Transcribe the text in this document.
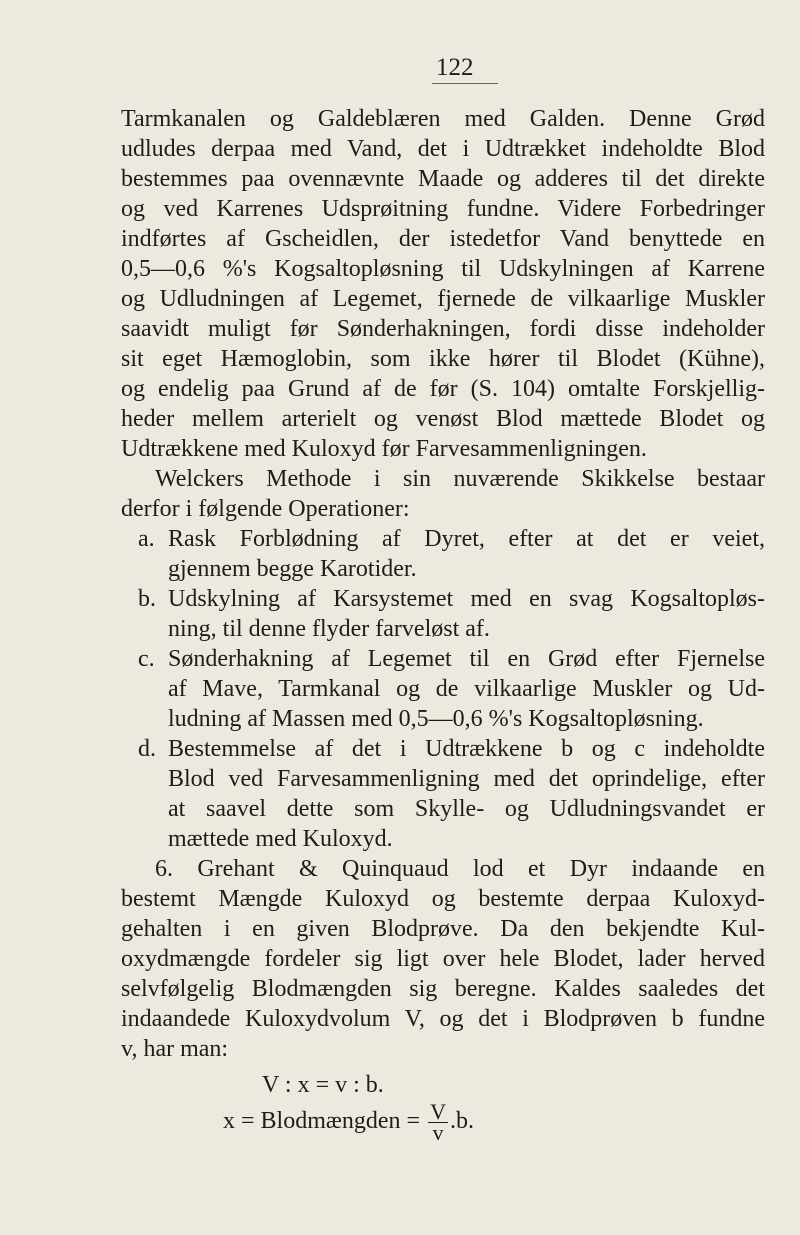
122
Tarmkanalen og Galdeblæren med Galden. Denne Grød
udludes derpaa med Vand, det i Udtrækket indeholdte Blod
bestemmes paa ovennævnte Maade og adderes til det direkte
og ved Karrenes Udsprøitning fundne. Videre Forbedringer
indførtes af Gscheidlen, der istedetfor Vand benyttede en
0,5—0,6 %'s Kogsaltopløsning til Udskylningen af Karrene
og Udludningen af Legemet, fjernede de vilkaarlige Muskler
saavidt muligt før Sønderhakningen, fordi disse indeholder
sit eget Hæmoglobin, som ikke hører til Blodet (Kühne),
og endelig paa Grund af de før (S. 104) omtalte Forskjellig-
heder mellem arterielt og venøst Blod mættede Blodet og
Udtrækkene med Kuloxyd før Farvesammenligningen.
Welckers Methode i sin nuværende Skikkelse bestaar
derfor i følgende Operationer:
a. Rask Forblødning af Dyret, efter at det er veiet,
gjennem begge Karotider.
b. Udskylning af Karsystemet med en svag Kogsaltopløs-
ning, til denne flyder farveløst af.
c. Sønderhakning af Legemet til en Grød efter Fjernelse
af Mave, Tarmkanal og de vilkaarlige Muskler og Ud-
ludning af Massen med 0,5—0,6 %'s Kogsaltopløsning.
d. Bestemmelse af det i Udtrækkene b og c indeholdte
Blod ved Farvesammenligning med det oprindelige, efter
at saavel dette som Skylle- og Udludningsvandet er
mættede med Kuloxyd.
6. Grehant & Quinquaud lod et Dyr indaande en
bestemt Mængde Kuloxyd og bestemte derpaa Kuloxyd-
gehalten i en given Blodprøve. Da den bekjendte Kul-
oxydmængde fordeler sig ligt over hele Blodet, lader herved
selvfølgelig Blodmængden sig beregne. Kaldes saaledes det
indaandede Kuloxydvolum V, og det i Blodprøven b fundne
v, har man:
V : x = v : b.
x = Blodmængden = $\frac{V}{v} .b$.
